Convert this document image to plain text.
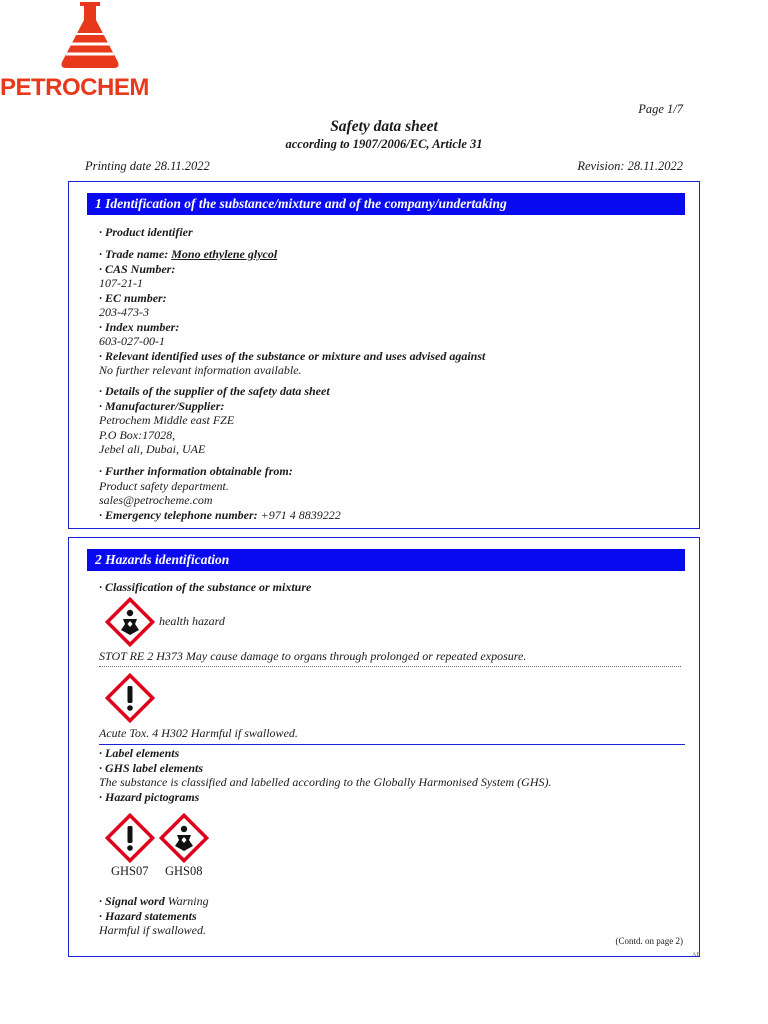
PETROCHEM
Page 1/7
Safety data sheet
according to 1907/2006/EC, Article 31
Printing date 28.11.2022	Revision: 28.11.2022
1 Identification of the substance/mixture and of the company/undertaking
· Product identifier
· Trade name: Mono ethylene glycol
· CAS Number:
107-21-1
· EC number:
203-473-3
· Index number:
603-027-00-1
· Relevant identified uses of the substance or mixture and uses advised against
No further relevant information available.
· Details of the supplier of the safety data sheet
· Manufacturer/Supplier:
Petrochem Middle east FZE
P.O Box:17028,
Jebel ali, Dubai, UAE
· Further information obtainable from:
Product safety department.
sales@petrocheme.com
· Emergency telephone number: +971 4 8839222
2 Hazards identification
· Classification of the substance or mixture
health hazard
STOT RE 2 H373 May cause damage to organs through prolonged or repeated exposure.
Acute Tox. 4 H302 Harmful if swallowed.
· Label elements
· GHS label elements
The substance is classified and labelled according to the Globally Harmonised System (GHS).
· Hazard pictograms
GHS07 GHS08
· Signal word Warning
· Hazard statements
Harmful if swallowed.
(Contd. on page 2)
AE
